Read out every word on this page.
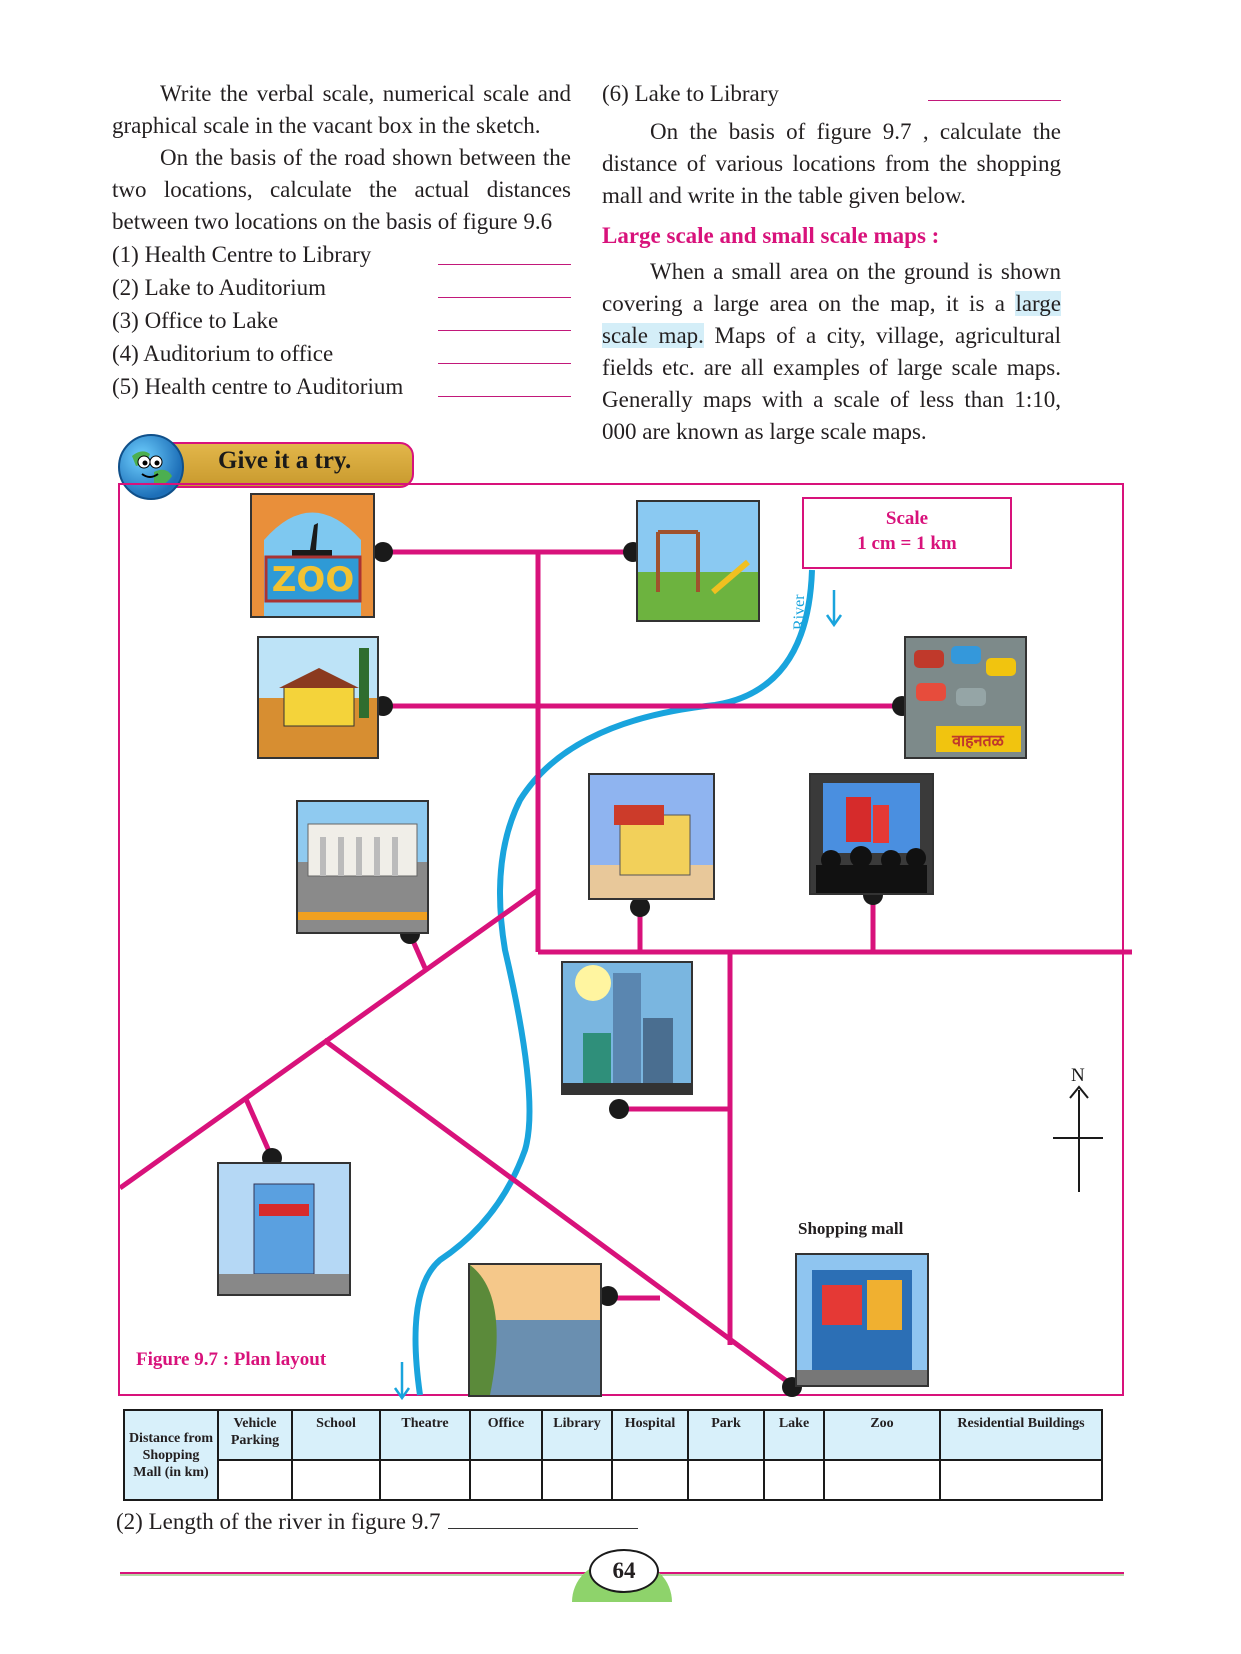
Write the verbal scale, numerical scale and graphical scale in the vacant box in the sketch.

On the basis of the road shown between the two locations, calculate the actual distances between two locations on the basis of figure 9.6

(1) Health Centre to Library
(2) Lake to Auditorium
(3) Office to Lake
(4) Auditorium to office
(5) Health centre to Auditorium
(6) Lake to Library

On the basis of figure 9.7 , calculate the distance of various locations from the shopping mall and write in the table given below.

Large scale and small scale maps :

When a small area on the ground is shown covering a large area on the map, it is a large scale map. Maps of a city, village, agricultural fields etc. are all examples of large scale maps. Generally maps with a scale of less than 1:10, 000 are known as large scale maps.

Give it a try.
River
N
ZOO
वाहनतळ
Shopping mall
Scale
1 cm = 1 km
Figure 9.7 : Plan layout
Distance from Shopping Mall (in km)	Vehicle Parking	School	Theatre	Office	Library	Hospital	Park	Lake	Zoo	Residential Buildings

(2) Length of the river in figure 9.7
64
